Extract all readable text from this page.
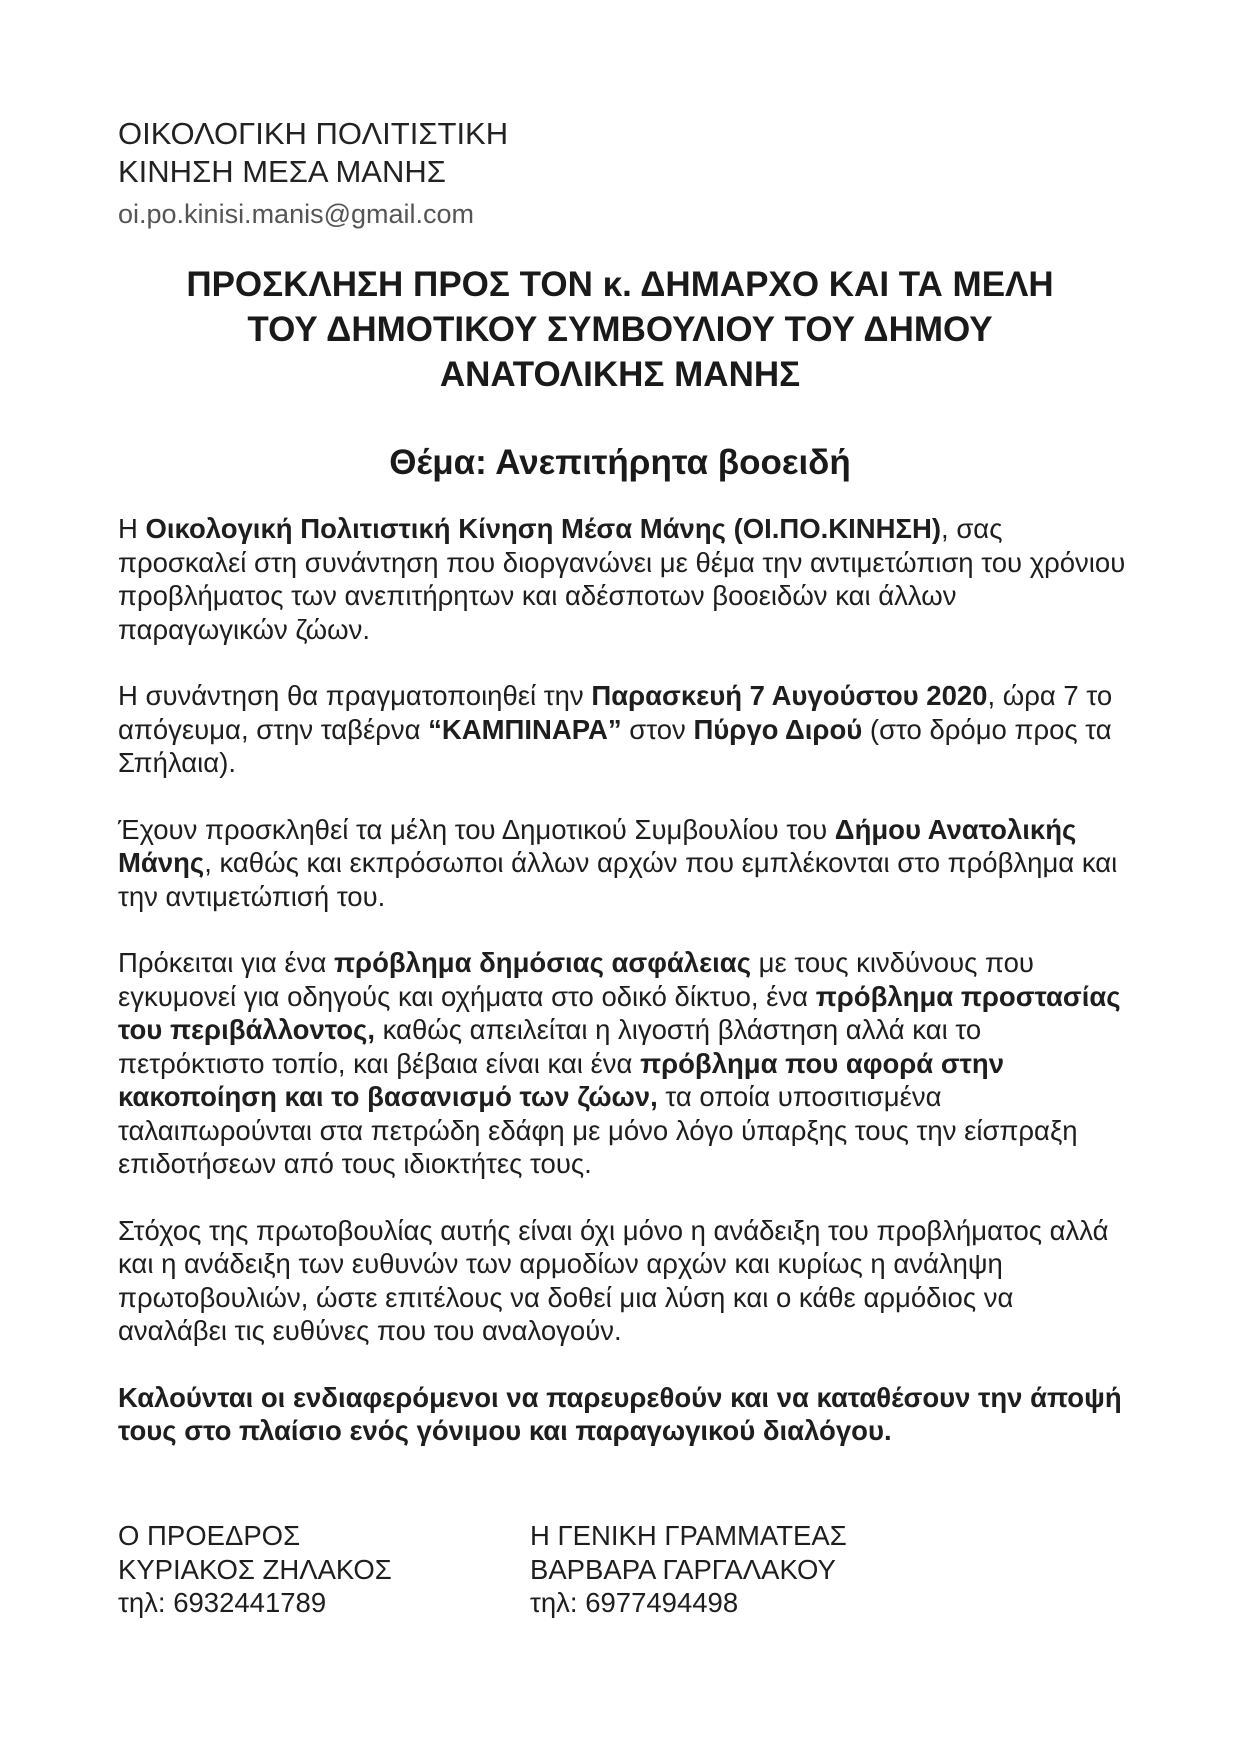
ΟΙΚΟΛΟΓΙΚΗ ΠΟΛΙΤΙΣΤΙΚΗ
ΚΙΝΗΣΗ ΜΕΣΑ ΜΑΝΗΣ
oi.po.kinisi.manis@gmail.com
ΠΡΟΣΚΛΗΣΗ ΠΡΟΣ ΤΟΝ κ. ΔΗΜΑΡΧΟ ΚΑΙ ΤΑ ΜΕΛΗ
ΤΟΥ ΔΗΜΟΤΙΚΟΥ ΣΥΜΒΟΥΛΙΟΥ ΤΟΥ ΔΗΜΟΥ
ΑΝΑΤΟΛΙΚΗΣ ΜΑΝΗΣ
Θέμα: Ανεπιτήρητα βοοειδή

Η Οικολογική Πολιτιστική Κίνηση Μέσα Μάνης (ΟΙ.ΠΟ.ΚΙΝΗΣΗ), σας προσκαλεί στη συνάντηση που διοργανώνει με θέμα την αντιμετώπιση του χρόνιου προβλήματος των ανεπιτήρητων και αδέσποτων βοοειδών και άλλων παραγωγικών ζώων.

Η συνάντηση θα πραγματοποιηθεί την Παρασκευή 7 Αυγούστου 2020, ώρα 7 το απόγευμα, στην ταβέρνα “ΚΑΜΠΙΝΑΡΑ” στον Πύργο Διρού (στο δρόμο προς τα Σπήλαια).

Έχουν προσκληθεί τα μέλη του Δημοτικού Συμβουλίου του Δήμου Ανατολικής Μάνης, καθώς και εκπρόσωποι άλλων αρχών που εμπλέκονται στο πρόβλημα και την αντιμετώπισή του.

Πρόκειται για ένα πρόβλημα δημόσιας ασφάλειας με τους κινδύνους που εγκυμονεί για οδηγούς και οχήματα στο οδικό δίκτυο, ένα πρόβλημα προστασίας του περιβάλλοντος, καθώς απειλείται η λιγοστή βλάστηση αλλά και το πετρόκτιστο τοπίο, και βέβαια είναι και ένα πρόβλημα που αφορά στην κακοποίηση και το βασανισμό των ζώων, τα οποία υποσιτισμένα ταλαιπωρούνται στα πετρώδη εδάφη με μόνο λόγο ύπαρξης τους την είσπραξη επιδοτήσεων από τους ιδιοκτήτες τους.

Στόχος της πρωτοβουλίας αυτής είναι όχι μόνο η ανάδειξη του προβλήματος αλλά και η ανάδειξη των ευθυνών των αρμοδίων αρχών και κυρίως η ανάληψη πρωτοβουλιών, ώστε επιτέλους να δοθεί μια λύση και ο κάθε αρμόδιος να αναλάβει τις ευθύνες που του αναλογούν.

Καλούνται οι ενδιαφερόμενοι να παρευρεθούν και να καταθέσουν την άποψή τους στο πλαίσιο ενός γόνιμου και παραγωγικού διαλόγου.

Ο ΠΡΟΕΔΡΟΣ
ΚΥΡΙΑΚΟΣ ΖΗΛΑΚΟΣ
τηλ: 6932441789
Η ΓΕΝΙΚΗ ΓΡΑΜΜΑΤΕΑΣ
ΒΑΡΒΑΡΑ ΓΑΡΓΑΛΑΚΟΥ
τηλ: 6977494498
